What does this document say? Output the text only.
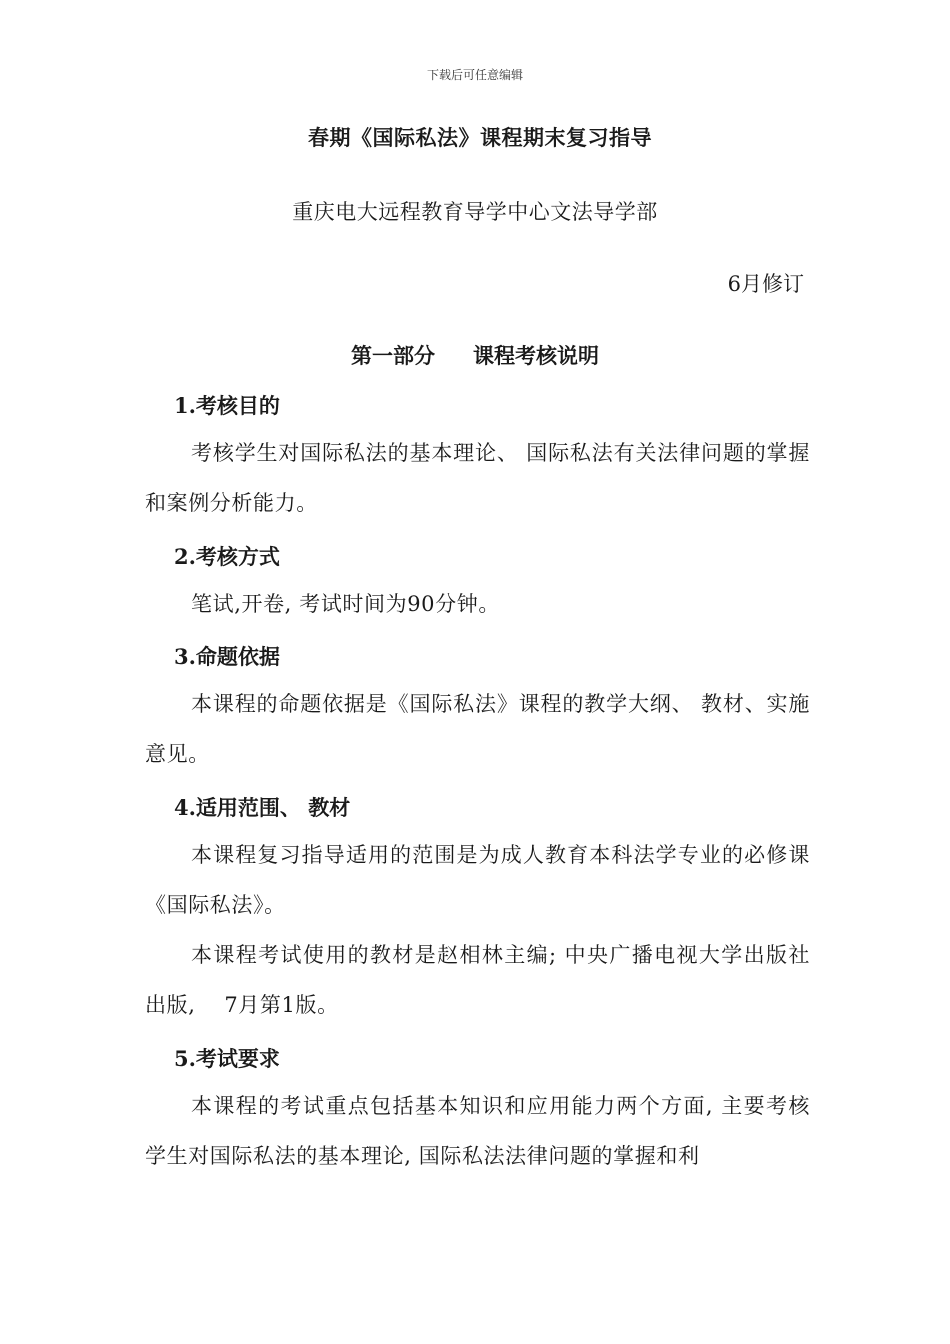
下载后可任意编辑
春期《国际私法》课程期末复习指导
重庆电大远程教育导学中心文法导学部
6月修订
第一部分 课程考核说明
1.考核目的
考核学生对国际私法的基本理论、 国际私法有关法律问题的掌握和案例分析能力。
2.考核方式
笔试,开卷, 考试时间为90分钟。
3.命题依据
本课程的命题依据是《国际私法》课程的教学大纲、 教材、实施意见。
4.适用范围、 教材
本课程复习指导适用的范围是为成人教育本科法学专业的必修课《国际私法》。
本课程考试使用的教材是赵相林主编; 中央广播电视大学出版社出版,　 7月第1版。
5.考试要求
本课程的考试重点包括基本知识和应用能力两个方面, 主要考核学生对国际私法的基本理论, 国际私法法律问题的掌握和利
